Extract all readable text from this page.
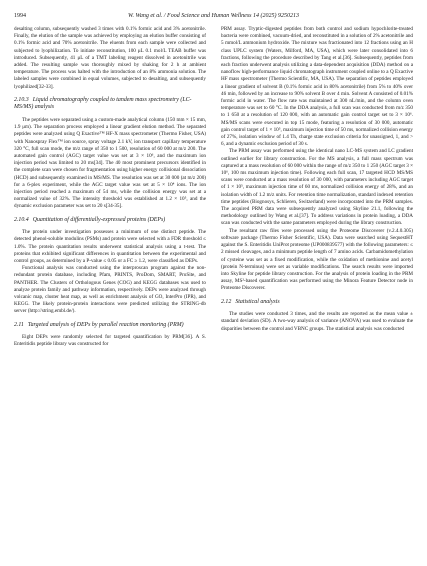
1994	W. Wang et al. / Food Science and Human Wellness 14 (2025) 9250213

desalting column, subsequently washed 3 times with 0.1% formic acid and 3% acetonitrile. Finally, the elution of the sample was achieved by employing an elution buffer consisting of 0.1% formic acid and 70% acetonitrile. The eluents from each sample were collected and subjected to lyophilization. To initiate reconstitution, 100 μL 0.1 mol/L TEAB buffer was introduced. Subsequently, 41 μL of a TMT labeling reagent dissolved in acetonitrile was added. The resulting sample was thoroughly mixed by shaking for 2 h at ambient temperature. The process was halted with the introduction of an 8% ammonia solution. The labeled samples were combined in equal volumes, subjected to desalting, and subsequently lyophilized[32-33].

2.10.3 Liquid chromatography coupled to tandem mass spectrometry (LC-MS/MS) analysis

The peptides were separated using a custom-made analytical column (150 mm × 15 mm, 1.9 μm). The separation process employed a linear gradient elution method. The separated peptides were analyzed using Q Exactive™ HF-X mass spectrometer (Thermo Fisher, USA) with Nanospray Flex™ ion source, spray voltage 2.1 kV, ion transport capillary temperature 320 °C, full scan mode, the m/z range of 350 to 1 500, resolution of 60 000 at m/z 200. The automated gain control (AGC) target value was set at 3 × 10⁶, and the maximum ion injection period was limited to 20 ms[34]. The 40 most prominent precursors identified in the complete scan were chosen for fragmentation using higher energy collisional dissociation (HCD) and subsequently examined in MS/MS. The resolution was set at 30 000 (at m/z 200) for a 6-plex experiment, while the AGC target value was set at 5 × 10⁴ ions. The ion injection period reached a maximum of 54 ms, while the collision energy was set at a normalized value of 32%. The intensity threshold was established at 1.2 × 10⁵, and the dynamic exclusion parameter was set to 20 s[34-35].

2.10.4 Quantitation of differentially-expressed proteins (DEPs)

The protein under investigation possesses a minimum of one distinct peptide. The detected phenol-soluble modulins (PSMs) and protein were selected with a FDR threshold ≤ 1.0%. The protein quantitation results underwent statistical analysis using a t-test. The proteins that exhibited significant differences in quantitation between the experimental and control groups, as determined by a P-value ≤ 0.05 or a FC ≥ 1.2, were classified as DEPs.

Functional analysis was conducted using the interproscan program against the non-redundant protein database, including Pfam, PRINTS, ProDom, SMART, ProSite, and PANTHER. The Clusters of Orthologous Genes (COG) and KEGG databases was used to analyze protein family and pathway information, respectively. DEPs were analyzed through volcanic map, cluster heat map, as well as enrichment analysis of GO, InterPro (IPR), and KEGG. The likely protein-protein interactions were predicted utilizing the STRING-db server (http://string.embl.de/).

2.11 Targeted analysis of DEPs by parallel reaction monitoring (PRM)

Eight DEPs were randomly selected for targeted quantification by PRM[36]. A S. Enteritidis peptide library was constructed for

PRM assay. Tryptic-digested peptides from both control and sodium hypochlorite-treated bacteria were combined, vacuum-dried, and reconstituted in a solution of 2% acetonitrile and 5 mmol/L ammonium hydroxide. The mixture was fractionated into 12 fractions using an H class UPLC system (Waters, Milford, MA, USA), which were later consolidated into 6 fractions, following the procedure described by Tang et al.[36]. Subsequently, peptides from each fraction underwent analysis utilizing a data-dependent acquisition (DDA) method on a nanoflow high-performance liquid chromatograph instrument coupled online to a Q Exactive HF mass spectrometer (Thermo Scientific, MA, USA). The separation of peptides employed a linear gradient of solvent B (0.1% formic acid in 80% acetonitrile) from 5% to 40% over 46 min, followed by an increase to 90% solvent B over 4 min. Solvent A consisted of 0.01% formic acid in water. The flow rate was maintained at 300 nL/min, and the column oven temperature was set to 60 °C. In the DDA analysis, a full scan was conducted from m/z 350 to 1 650 at a resolution of 120 000, with an automatic gain control target set to 3 × 10⁶. MS/MS scans were executed in top 15 mode, featuring a resolution of 30 000, automatic gain control target of 1 × 10⁵, maximum injection time of 50 ms, normalized collision energy of 27%, isolation window of 1.4 Th, charge state exclusion criteria for unassigned, 1, and > 6, and a dynamic exclusion period of 30 s.

The PRM assay was performed using the identical nano LC-MS system and LC gradient outlined earlier for library construction. For the MS analysis, a full mass spectrum was captured at a mass resolution of 60 000 within the range of m/z 350 to 1 250 (AGC target 3 × 10⁶, 100 ms maximum injection time). Following each full scan, 17 targeted HCD MS/MS scans were conducted at a mass resolution of 30 000, with parameters including AGC target of 1 × 10⁵, maximum injection time of 60 ms, normalized collision energy of 28%, and an isolation width of 1.2 m/z units. For retention time normalization, standard indexed retention time peptides (Biognosys, Schlieren, Switzerland) were incorporated into the PRM samples. The acquired PRM data were subsequently analyzed using Skyline 21.1, following the methodology outlined by Wang et al.[37]. To address variations in protein loading, a DDA scan was conducted with the same parameters employed during the library construction.

The resultant raw files were processed using the Proteome Discoverer (v.2.4.0.305) software package (Thermo Fisher Scientific, USA). Data were searched using SequestHT against the S. Enteritidis UniProt proteome (UP000839577) with the following parameters: ≤ 2 missed cleavages, and a minimum peptide length of 7 amino acids. Carbamidomethylation of cysteine was set as a fixed modification, while the oxidation of methionine and acetyl (protein N-terminus) were set as variable modifications. The search results were imported into Skyline for peptide library construction. For the analysis of protein loading in the PRM assay, MS²-based quantification was performed using the Minora Feature Detector node in Proteome Discoverer.

2.12 Statistical analysis

The studies were conducted 3 times, and the results are reported as the mean value ± standard deviation (SD). A two-way analysis of variance (ANOVA) was used to evaluate the disparities between the control and VBNC groups. The statistical analysis was conducted
